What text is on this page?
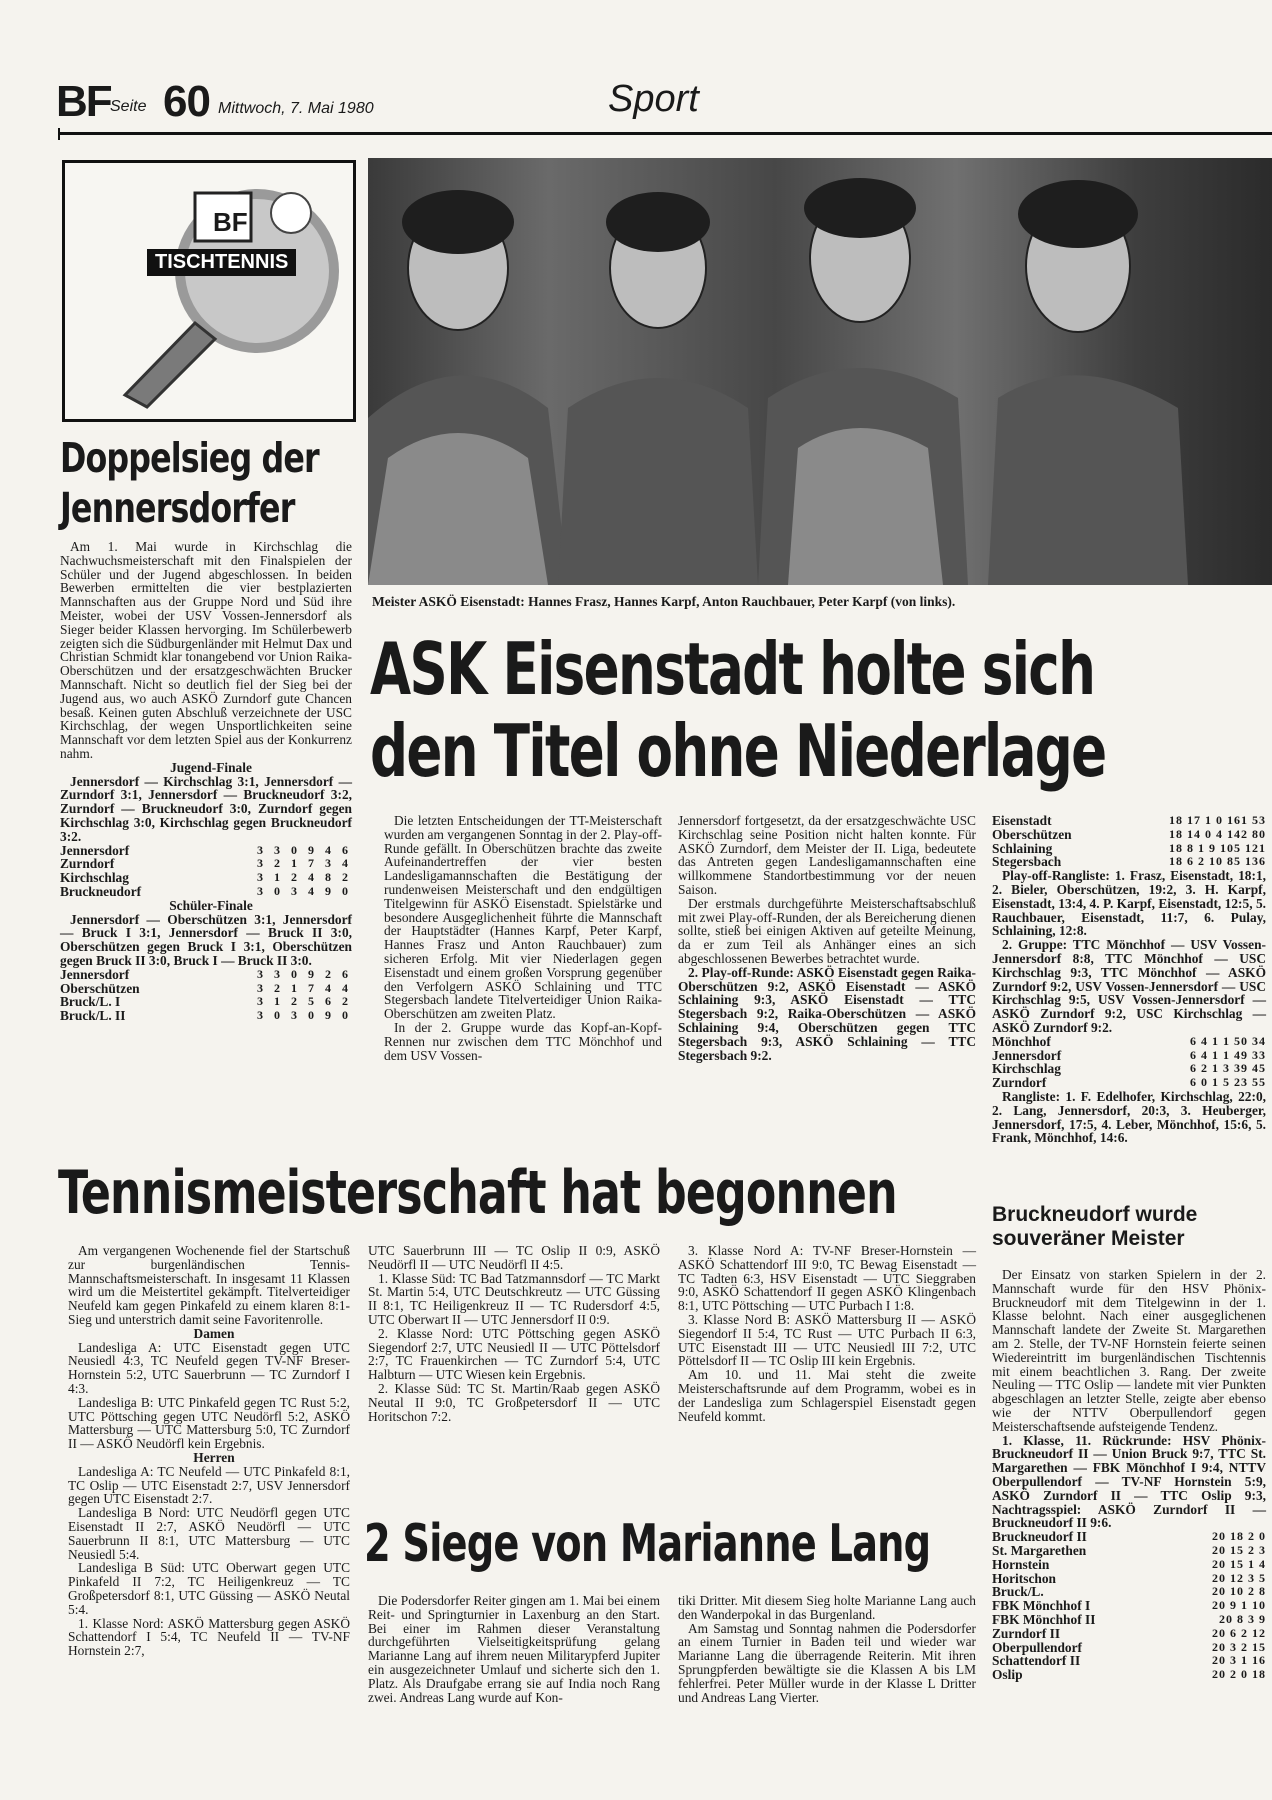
BF Seite 60 Mittwoch, 7. Mai 1980	Sport
BF
TISCHTENNIS
Meister ASKÖ Eisenstadt: Hannes Frasz, Hannes Karpf, Anton Rauchbauer, Peter Karpf (von links).
Doppelsieg der
Jennersdorfer

Am 1. Mai wurde in Kirchschlag die Nachwuchsmeisterschaft mit den Finalspielen der Schüler und der Jugend abgeschlossen. In beiden Bewerben ermittelten die vier bestplazierten Mannschaften aus der Gruppe Nord und Süd ihre Meister, wobei der USV Vossen-Jennersdorf als Sieger beider Klassen hervorging. Im Schülerbewerb zeigten sich die Südburgenländer mit Helmut Dax und Christian Schmidt klar tonangebend vor Union Raika-Oberschützen und der ersatzgeschwächten Brucker Mannschaft. Nicht so deutlich fiel der Sieg bei der Jugend aus, wo auch ASKÖ Zurndorf gute Chancen besaß. Keinen guten Abschluß verzeichnete der USC Kirchschlag, der wegen Unsportlichkeiten seine Mannschaft vor dem letzten Spiel aus der Konkurrenz nahm.

Jugend-Finale

Jennersdorf — Kirchschlag 3:1, Jennersdorf — Zurndorf 3:1, Jennersdorf — Bruckneudorf 3:2, Zurndorf — Bruckneudorf 3:0, Zurndorf gegen Kirchschlag 3:0, Kirchschlag gegen Bruckneudorf 3:2.

Jennersdorf	3 3 0 9 4 6
Zurndorf	3 2 1 7 3 4
Kirchschlag	3 1 2 4 8 2
Bruckneudorf	3 0 3 4 9 0

Schüler-Finale

Jennersdorf — Oberschützen 3:1, Jennersdorf — Bruck I 3:1, Jennersdorf — Bruck II 3:0, Oberschützen gegen Bruck I 3:1, Oberschützen gegen Bruck II 3:0, Bruck I — Bruck II 3:0.

Jennersdorf	3 3 0 9 2 6
Oberschützen	3 2 1 7 4 4
Bruck/L. I	3 1 2 5 6 2
Bruck/L. II	3 0 3 0 9 0
ASK Eisenstadt holte sich
den Titel ohne Niederlage

Die letzten Entscheidungen der TT-Meisterschaft wurden am vergangenen Sonntag in der 2. Play-off-Runde gefällt. In Oberschützen brachte das zweite Aufeinandertreffen der vier besten Landesligamannschaften die Bestätigung der rundenweisen Meisterschaft und den endgültigen Titelgewinn für ASKÖ Eisenstadt. Spielstärke und besondere Ausgeglichenheit führte die Mannschaft der Hauptstädter (Hannes Karpf, Peter Karpf, Hannes Frasz und Anton Rauchbauer) zum sicheren Erfolg. Mit vier Niederlagen gegen Eisenstadt und einem großen Vorsprung gegenüber den Verfolgern ASKÖ Schlaining und TTC Stegersbach landete Titelverteidiger Union Raika-Oberschützen am zweiten Platz.

In der 2. Gruppe wurde das Kopf-an-Kopf-Rennen nur zwischen dem TTC Mönchhof und dem USV Vossen-

Jennersdorf fortgesetzt, da der ersatzgeschwächte USC Kirchschlag seine Position nicht halten konnte. Für ASKÖ Zurndorf, dem Meister der II. Liga, bedeutete das Antreten gegen Landesligamannschaften eine willkommene Standortbestimmung vor der neuen Saison.

Der erstmals durchgeführte Meisterschaftsabschluß mit zwei Play-off-Runden, der als Bereicherung dienen sollte, stieß bei einigen Aktiven auf geteilte Meinung, da er zum Teil als Anhänger eines an sich abgeschlossenen Bewerbes betrachtet wurde.

2. Play-off-Runde: ASKÖ Eisenstadt gegen Raika-Oberschützen 9:2, ASKÖ Eisenstadt — ASKÖ Schlaining 9:3, ASKÖ Eisenstadt — TTC Stegersbach 9:2, Raika-Oberschützen — ASKÖ Schlaining 9:4, Oberschützen gegen TTC Stegersbach 9:3, ASKÖ Schlaining — TTC Stegersbach 9:2.

Eisenstadt	18 17 1 0 161 53
Oberschützen	18 14 0 4 142 80
Schlaining	18 8 1 9 105 121
Stegersbach	18 6 2 10 85 136

Play-off-Rangliste: 1. Frasz, Eisenstadt, 18:1, 2. Bieler, Oberschützen, 19:2, 3. H. Karpf, Eisenstadt, 13:4, 4. P. Karpf, Eisenstadt, 12:5, 5. Rauchbauer, Eisenstadt, 11:7, 6. Pulay, Schlaining, 12:8.

2. Gruppe: TTC Mönchhof — USV Vossen-Jennersdorf 8:8, TTC Mönchhof — USC Kirchschlag 9:3, TTC Mönchhof — ASKÖ Zurndorf 9:2, USV Vossen-Jennersdorf — USC Kirchschlag 9:5, USV Vossen-Jennersdorf — ASKÖ Zurndorf 9:2, USC Kirchschlag — ASKÖ Zurndorf 9:2.

Mönchhof	6 4 1 1 50 34
Jennersdorf	6 4 1 1 49 33
Kirchschlag	6 2 1 3 39 45
Zurndorf	6 0 1 5 23 55

Rangliste: 1. F. Edelhofer, Kirchschlag, 22:0, 2. Lang, Jennersdorf, 20:3, 3. Heuberger, Jennersdorf, 17:5, 4. Leber, Mönchhof, 15:6, 5. Frank, Mönchhof, 14:6.

Tennismeisterschaft hat begonnen

Am vergangenen Wochenende fiel der Startschuß zur burgenländischen Tennis-Mannschaftsmeisterschaft. In insgesamt 11 Klassen wird um die Meistertitel gekämpft. Titelverteidiger Neufeld kam gegen Pinkafeld zu einem klaren 8:1-Sieg und unterstrich damit seine Favoritenrolle.

Damen

Landesliga A: UTC Eisenstadt gegen UTC Neusiedl 4:3, TC Neufeld gegen TV-NF Breser-Hornstein 5:2, UTC Sauerbrunn — TC Zurndorf I 4:3.

Landesliga B: UTC Pinkafeld gegen TC Rust 5:2, UTC Pöttsching gegen UTC Neudörfl 5:2, ASKÖ Mattersburg — UTC Mattersburg 5:0, TC Zurndorf II — ASKÖ Neudörfl kein Ergebnis.

Herren

Landesliga A: TC Neufeld — UTC Pinkafeld 8:1, TC Oslip — UTC Eisenstadt 2:7, USV Jennersdorf gegen UTC Eisenstadt 2:7.

Landesliga B Nord: UTC Neudörfl gegen UTC Eisenstadt II 2:7, ASKÖ Neudörfl — UTC Sauerbrunn II 8:1, UTC Mattersburg — UTC Neusiedl 5:4.

Landesliga B Süd: UTC Oberwart gegen UTC Pinkafeld II 7:2, TC Heiligenkreuz — TC Großpetersdorf 8:1, UTC Güssing — ASKÖ Neutal 5:4.

1. Klasse Nord: ASKÖ Mattersburg gegen ASKÖ Schattendorf I 5:4, TC Neufeld II — TV-NF Hornstein 2:7,

UTC Sauerbrunn III — TC Oslip II 0:9, ASKÖ Neudörfl II — UTC Neudörfl II 4:5.

1. Klasse Süd: TC Bad Tatzmannsdorf — TC Markt St. Martin 5:4, UTC Deutschkreutz — UTC Güssing II 8:1, TC Heiligenkreuz II — TC Rudersdorf 4:5, UTC Oberwart II — UTC Jennersdorf II 0:9.

2. Klasse Nord: UTC Pöttsching gegen ASKÖ Siegendorf 2:7, UTC Neusiedl II — UTC Pöttelsdorf 2:7, TC Frauenkirchen — TC Zurndorf 5:4, UTC Halbturn — UTC Wiesen kein Ergebnis.

2. Klasse Süd: TC St. Martin/Raab gegen ASKÖ Neutal II 9:0, TC Großpetersdorf II — UTC Horitschon 7:2.

3. Klasse Nord A: TV-NF Breser-Hornstein — ASKÖ Schattendorf III 9:0, TC Bewag Eisenstadt — TC Tadten 6:3, HSV Eisenstadt — UTC Sieggraben 9:0, ASKÖ Schattendorf II gegen ASKÖ Klingenbach 8:1, UTC Pöttsching — UTC Purbach I 1:8.

3. Klasse Nord B: ASKÖ Mattersburg II — ASKÖ Siegendorf II 5:4, TC Rust — UTC Purbach II 6:3, UTC Eisenstadt III — UTC Neusiedl III 7:2, UTC Pöttelsdorf II — TC Oslip III kein Ergebnis.

Am 10. und 11. Mai steht die zweite Meisterschaftsrunde auf dem Programm, wobei es in der Landesliga zum Schlagerspiel Eisenstadt gegen Neufeld kommt.

2 Siege von Marianne Lang

Die Podersdorfer Reiter gingen am 1. Mai bei einem Reit- und Springturnier in Laxenburg an den Start. Bei einer im Rahmen dieser Veranstaltung durchgeführten Vielseitigkeitsprüfung gelang Marianne Lang auf ihrem neuen Militarypferd Jupiter ein ausgezeichneter Umlauf und sicherte sich den 1. Platz. Als Draufgabe errang sie auf India noch Rang zwei. Andreas Lang wurde auf Kon-

tiki Dritter. Mit diesem Sieg holte Marianne Lang auch den Wanderpokal in das Burgenland.

Am Samstag und Sonntag nahmen die Podersdorfer an einem Turnier in Baden teil und wieder war Marianne Lang die überragende Reiterin. Mit ihren Sprungpferden bewältigte sie die Klassen A bis LM fehlerfrei. Peter Müller wurde in der Klasse L Dritter und Andreas Lang Vierter.

Bruckneudorf wurde
souveräner Meister

Der Einsatz von starken Spielern in der 2. Mannschaft wurde für den HSV Phönix-Bruckneudorf mit dem Titelgewinn in der 1. Klasse belohnt. Nach einer ausgeglichenen Mannschaft landete der Zweite St. Margarethen am 2. Stelle, der TV-NF Hornstein feierte seinen Wiedereintritt im burgenländischen Tischtennis mit einem beachtlichen 3. Rang. Der zweite Neuling — TTC Oslip — landete mit vier Punkten abgeschlagen an letzter Stelle, zeigte aber ebenso wie der NTTV Oberpullendorf gegen Meisterschaftsende aufsteigende Tendenz.

1. Klasse, 11. Rückrunde: HSV Phönix-Bruckneudorf II — Union Bruck 9:7, TTC St. Margarethen — FBK Mönchhof I 9:4, NTTV Oberpullendorf — TV-NF Hornstein 5:9, ASKÖ Zurndorf II — TTC Oslip 9:3, Nachtragsspiel: ASKÖ Zurndorf II — Bruckneudorf II 9:6.

Bruckneudorf II	20 18 2 0
St. Margarethen	20 15 2 3
Hornstein	20 15 1 4
Horitschon	20 12 3 5
Bruck/L.	20 10 2 8
FBK Mönchhof I	20 9 1 10
FBK Mönchhof II	20 8 3 9
Zurndorf II	20 6 2 12
Oberpullendorf	20 3 2 15
Schattendorf II	20 3 1 16
Oslip	20 2 0 18
